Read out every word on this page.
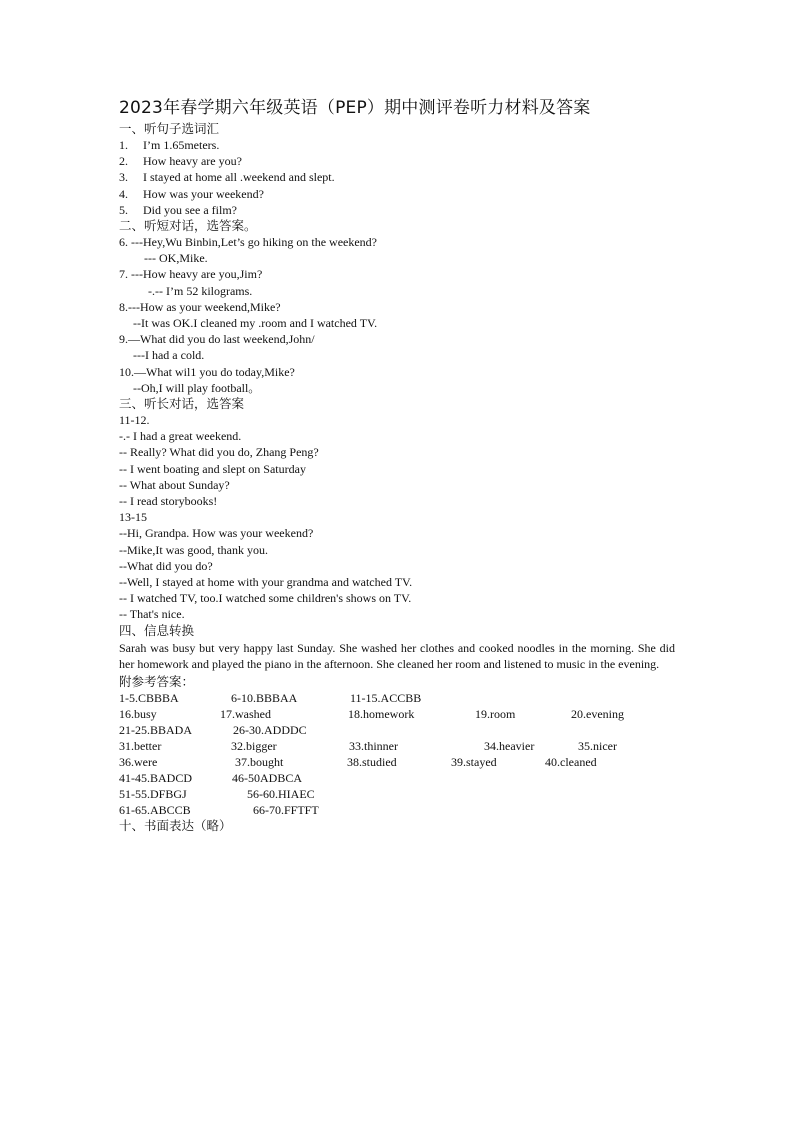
2023年春学期六年级英语（PEP）期中测评卷听力材料及答案
一、听句子选词汇
1. I’m 1.65meters.
2. How heavy are you?
3. I stayed at home all .weekend and slept.
4. How was your weekend?
5. Did you see a film?
二、听短对话，选答案。
6. ---Hey,Wu Binbin,Let’s go hiking on the weekend?
--- OK,Mike.
7. ---How heavy are you,Jim?
-.-- I’m 52 kilograms.
8.---How as your weekend,Mike?
--It was OK.I cleaned my .room and I watched TV.
9.—What did you do last weekend,John/
---I had a cold.
10.—What wil1 you do today,Mike?
--Oh,I will play football。
三、听长对话，选答案
11-12.
-.- I had a great weekend.
-- Really? What did you do, Zhang Peng?
-- I went boating and slept on Saturday
-- What about Sunday?
-- I read storybooks!
13-15
--Hi, Grandpa. How was your weekend?
--Mike,It was good, thank you.
--What did you do?
--Well, I stayed at home with your grandma and watched TV.
-- I watched TV, too.I watched some children's shows on TV.
-- That's nice.
四、信息转换
Sarah was busy but very happy last Sunday. She washed her clothes and cooked noodles in the morning. She did her homework and played the piano in the afternoon. She cleaned her room and listened to music in the evening.
附参考答案：
1-5.CBBBA	6-10.BBBAA	11-15.ACCBB
16.busy	17.washed	18.homework	19.room	20.evening
21-25.BBADA	26-30.ADDDC
31.better	32.bigger	33.thinner	34.heavier	35.nicer
36.were	37.bought	38.studied	39.stayed	40.cleaned
41-45.BADCD	46-50ADBCA
51-55.DFBGJ	56-60.HIAEC
61-65.ABCCB	66-70.FFTFT
十、书面表达（略）
